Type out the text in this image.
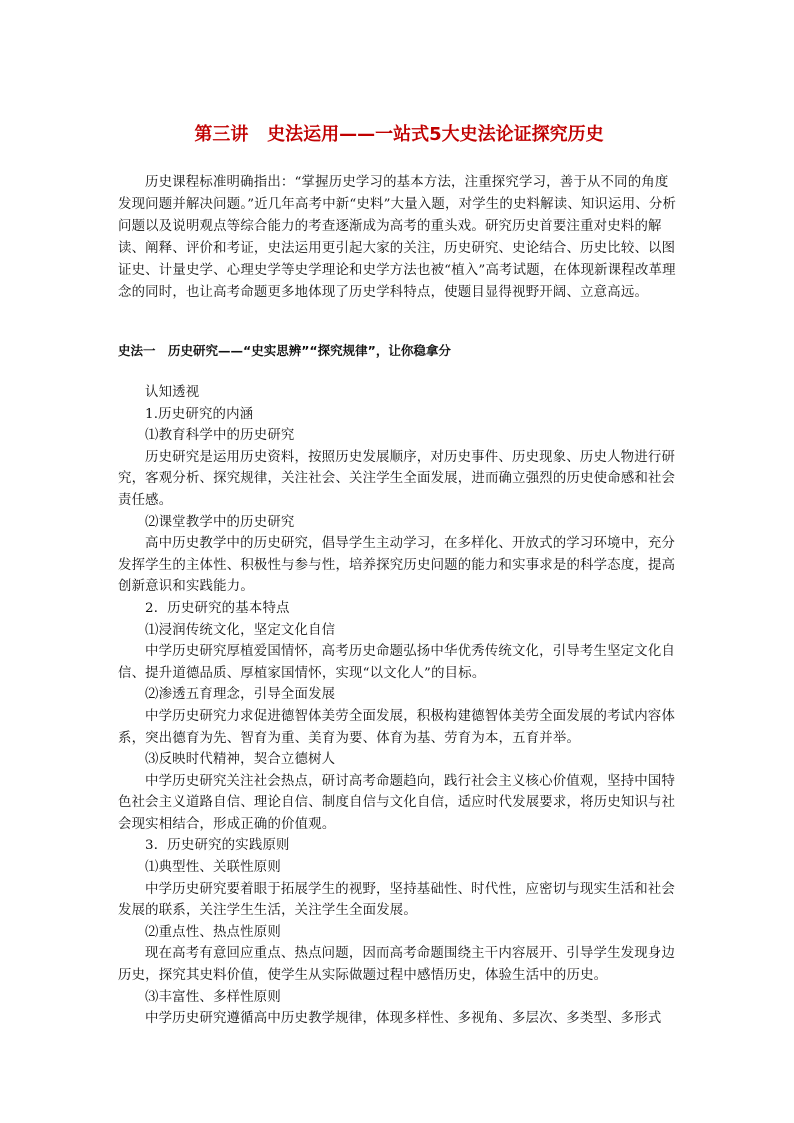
第三讲 史法运用——一站式5大史法论证探究历史

历史课程标准明确指出：“掌握历史学习的基本方法，注重探究学习，善于从不同的角度发现问题并解决问题。”近几年高考中新“史料”大量入题，对学生的史料解读、知识运用、分析问题以及说明观点等综合能力的考查逐渐成为高考的重头戏。研究历史首要注重对史料的解读、阐释、评价和考证，史法运用更引起大家的关注，历史研究、史论结合、历史比较、以图证史、计量史学、心理史学等史学理论和史学方法也被“植入”高考试题，在体现新课程改革理念的同时，也让高考命题更多地体现了历史学科特点，使题目显得视野开阔、立意高远。

史法一　历史研究——“史实思辨”“探究规律”，让你稳拿分

认知透视

1.历史研究的内涵

⑴教育科学中的历史研究

历史研究是运用历史资料，按照历史发展顺序，对历史事件、历史现象、历史人物进行研究，客观分析、探究规律，关注社会、关注学生全面发展，进而确立强烈的历史使命感和社会责任感。

⑵课堂教学中的历史研究

高中历史教学中的历史研究，倡导学生主动学习，在多样化、开放式的学习环境中，充分发挥学生的主体性、积极性与参与性，培养探究历史问题的能力和实事求是的科学态度，提高创新意识和实践能力。

2．历史研究的基本特点

⑴浸润传统文化，坚定文化自信

中学历史研究厚植爱国情怀，高考历史命题弘扬中华优秀传统文化，引导考生坚定文化自信、提升道德品质、厚植家国情怀，实现“以文化人”的目标。

⑵渗透五育理念，引导全面发展

中学历史研究力求促进德智体美劳全面发展，积极构建德智体美劳全面发展的考试内容体系，突出德育为先、智育为重、美育为要、体育为基、劳育为本，五育并举。

⑶反映时代精神，契合立德树人

中学历史研究关注社会热点，研讨高考命题趋向，践行社会主义核心价值观，坚持中国特色社会主义道路自信、理论自信、制度自信与文化自信，适应时代发展要求，将历史知识与社会现实相结合，形成正确的价值观。

3．历史研究的实践原则

⑴典型性、关联性原则

中学历史研究要着眼于拓展学生的视野，坚持基础性、时代性，应密切与现实生活和社会发展的联系，关注学生生活，关注学生全面发展。

⑵重点性、热点性原则

现在高考有意回应重点、热点问题，因而高考命题围绕主干内容展开、引导学生发现身边历史，探究其史料价值，使学生从实际做题过程中感悟历史，体验生活中的历史。

⑶丰富性、多样性原则

中学历史研究遵循高中历史教学规律，体现多样性、多视角、多层次、多类型、多形式
